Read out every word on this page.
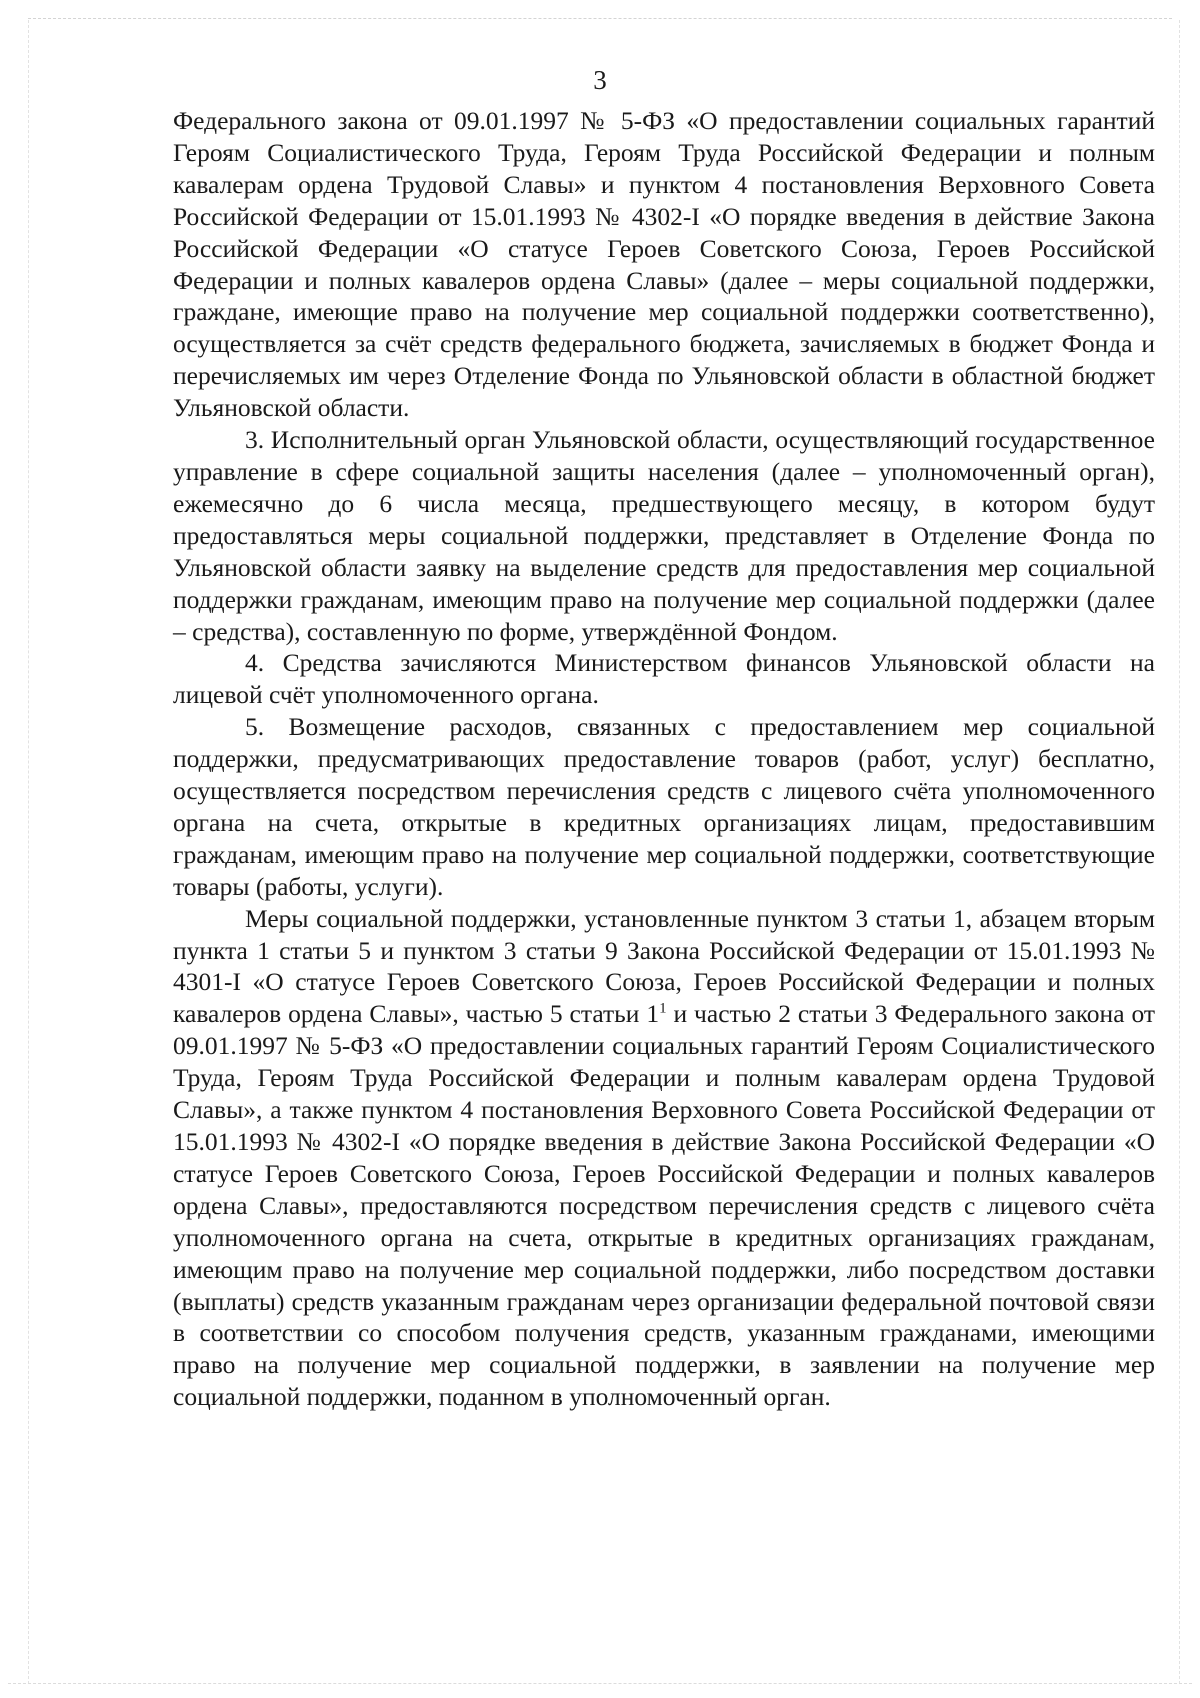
3

Федерального закона от 09.01.1997 № 5-ФЗ «О предоставлении социальных гарантий Героям Социалистического Труда, Героям Труда Российской Федерации и полным кавалерам ордена Трудовой Славы» и пунктом 4 постановления Верховного Совета Российской Федерации от 15.01.1993 № 4302-I «О порядке введения в действие Закона Российской Федерации «О статусе Героев Советского Союза, Героев Российской Федерации и полных кавалеров ордена Славы» (далее – меры социальной поддержки, граждане, имеющие право на получение мер социальной поддержки соответственно), осуществляется за счёт средств федерального бюджета, зачисляемых в бюджет Фонда и перечисляемых им через Отделение Фонда по Ульяновской области в областной бюджет Ульяновской области.

3. Исполнительный орган Ульяновской области, осуществляющий государственное управление в сфере социальной защиты населения (далее – уполномоченный орган), ежемесячно до 6 числа месяца, предшествующего месяцу, в котором будут предоставляться меры социальной поддержки, представляет в Отделение Фонда по Ульяновской области заявку на выделение средств для предоставления мер социальной поддержки гражданам, имеющим право на получение мер социальной поддержки (далее – средства), составленную по форме, утверждённой Фондом.

4. Средства зачисляются Министерством финансов Ульяновской области на лицевой счёт уполномоченного органа.

5. Возмещение расходов, связанных с предоставлением мер социальной поддержки, предусматривающих предоставление товаров (работ, услуг) бесплатно, осуществляется посредством перечисления средств с лицевого счёта уполномоченного органа на счета, открытые в кредитных организациях лицам, предоставившим гражданам, имеющим право на получение мер социальной поддержки, соответствующие товары (работы, услуги).

Меры социальной поддержки, установленные пунктом 3 статьи 1, абзацем вторым пункта 1 статьи 5 и пунктом 3 статьи 9 Закона Российской Федерации от 15.01.1993 № 4301-I «О статусе Героев Советского Союза, Героев Российской Федерации и полных кавалеров ордена Славы», частью 5 статьи $1^1$ и частью 2 статьи 3 Федерального закона от 09.01.1997 № 5-ФЗ «О предоставлении социальных гарантий Героям Социалистического Труда, Героям Труда Российской Федерации и полным кавалерам ордена Трудовой Славы», а также пунктом 4 постановления Верховного Совета Российской Федерации от 15.01.1993 № 4302-I «О порядке введения в действие Закона Российской Федерации «О статусе Героев Советского Союза, Героев Российской Федерации и полных кавалеров ордена Славы», предоставляются посредством перечисления средств с лицевого счёта уполномоченного органа на счета, открытые в кредитных организациях гражданам, имеющим право на получение мер социальной поддержки, либо посредством доставки (выплаты) средств указанным гражданам через организации федеральной почтовой связи в соответствии со способом получения средств, указанным гражданами, имеющими право на получение мер социальной поддержки, в заявлении на получение мер социальной поддержки, поданном в уполномоченный орган.
